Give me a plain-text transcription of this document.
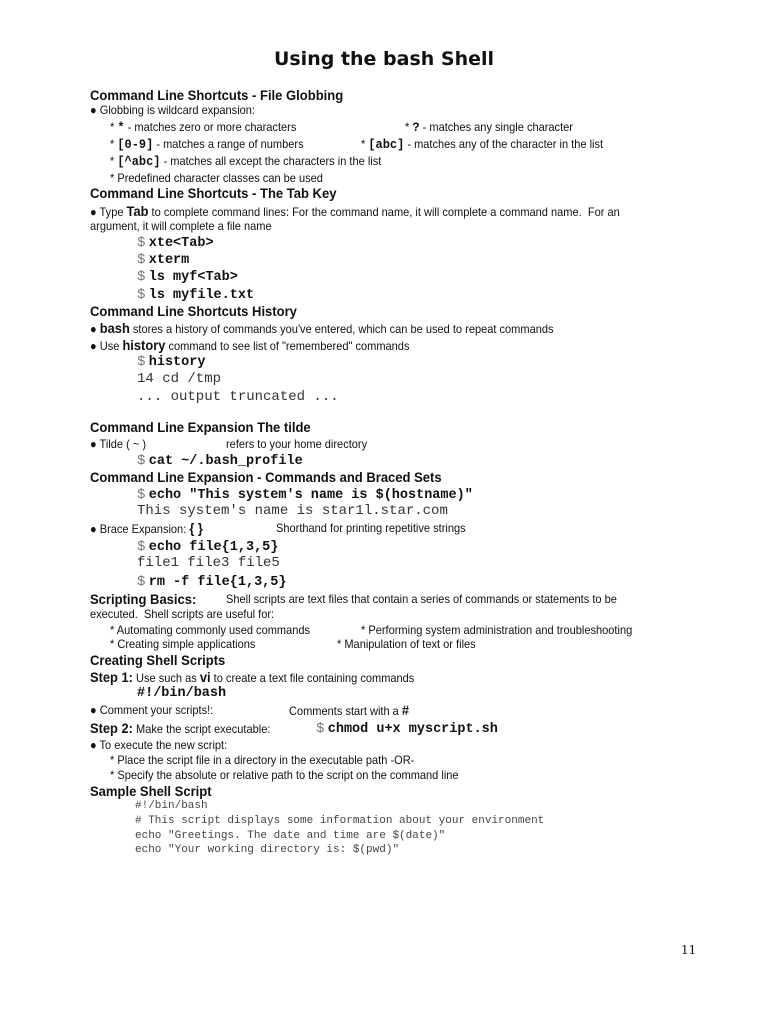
Using the bash Shell
Command Line Shortcuts - File Globbing
● Globbing is wildcard expansion:
* * - matches zero or more characters	* ? - matches any single character
* [0-9] - matches a range of numbers	* [abc] - matches any of the character in the list
* [^abc] - matches all except the characters in the list
* Predefined character classes can be used
Command Line Shortcuts - The Tab Key
● Type Tab to complete command lines: For the command name, it will complete a command name.  For an
argument, it will complete a file name
$ xte<Tab>
$ xterm
$ ls myf<Tab>
$ ls myfile.txt
Command Line Shortcuts History
● bash stores a history of commands you've entered, which can be used to repeat commands
● Use history command to see list of "remembered" commands
$ history
14 cd /tmp
... output truncated ...
Command Line Expansion The tilde
● Tilde ( ~ )	refers to your home directory
$ cat ~/.bash_profile
Command Line Expansion - Commands and Braced Sets
$ echo "This system's name is $(hostname)"
This system's name is star1l.star.com
● Brace Expansion: { }	Shorthand for printing repetitive strings
$ echo file{1,3,5}
file1 file3 file5
$ rm -f file{1,3,5}
Scripting Basics: Shell scripts are text files that contain a series of commands or statements to be
executed.  Shell scripts are useful for:
* Automating commonly used commands	* Performing system administration and troubleshooting
* Creating simple applications	* Manipulation of text or files
Creating Shell Scripts
Step 1: Use such as vi to create a text file containing commands
#!/bin/bash
● Comment your scripts!:	Comments start with a #
Step 2: Make the script executable:	$ chmod u+x myscript.sh
● To execute the new script:
* Place the script file in a directory in the executable path -OR-
* Specify the absolute or relative path to the script on the command line
Sample Shell Script
#!/bin/bash
# This script displays some information about your environment
echo "Greetings. The date and time are $(date)"
echo "Your working directory is: $(pwd)"
11
